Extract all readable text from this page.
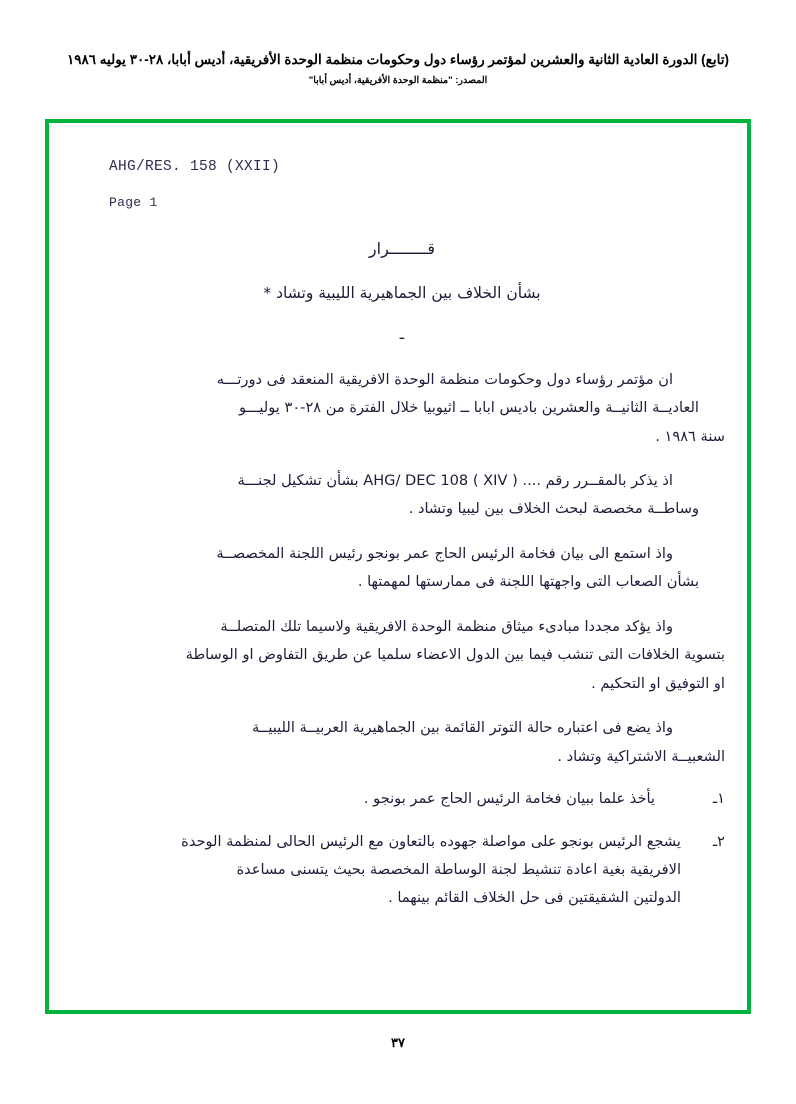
(تابع) الدورة العادية الثانية والعشرين لمؤتمر رؤساء دول وحكومات منظمة الوحدة الأفريقية، أديس أبابا، ٢٨-٣٠ يوليه ١٩٨٦
المصدر: "منظمة الوحدة الأفريقية، أديس أبابا"
AHG/RES. 158 (XXII)
Page 1
قــــــــرار
بشأن الخلاف بين الجماهيرية الليبية وتشاد *
ـ
ان مؤتمر رؤساء دول وحكومات منظمة الوحدة الافريقية المنعقد فى دورتـــه
العاديــة الثانيــة والعشرين باديس ابابا ــ اثيوبيا خلال الفترة من ٢٨-٣٠ يوليـــو
سنة ١٩٨٦ .
اذ يذكر بالمقــرر رقم .... ( XIV ) AHG/ DEC 108 بشأن تشكيل لجنـــة
وساطــة مخصصة لبحث الخلاف بين ليبيا وتشاد .
واذ استمع الى بيان فخامة الرئيس الحاج عمر بونجو رئيس اللجنة المخصصــة
بشأن الصعاب التى واجهتها اللجنة فى ممارستها لمهمتها .
واذ يؤكد مجددا مبادىء ميثاق منظمة الوحدة الافريقية ولاسيما تلك المتصلــة
بتسوية الخلافات التى تنشب فيما بين الدول الاعضاء سلميا عن طريق التفاوض او الوساطة
او التوفيق او التحكيم .
واذ يضع فى اعتباره حالة التوتر القائمة بين الجماهيرية العربيــة الليبيــة
الشعبيــة الاشتراكية وتشاد .
١ـ
يأخذ علما ببيان فخامة الرئيس الحاج عمر بونجو .
٢ـ
يشجع الرئيس بونجو على مواصلة جهوده بالتعاون مع الرئيس الحالى لمنظمة الوحدة
الافريقية بغية اعادة تنشيط لجنة الوساطة المخصصة بحيث يتسنى مساعدة
الدولتين الشقيقتين فى حل الخلاف القائم بينهما .
٣٧
